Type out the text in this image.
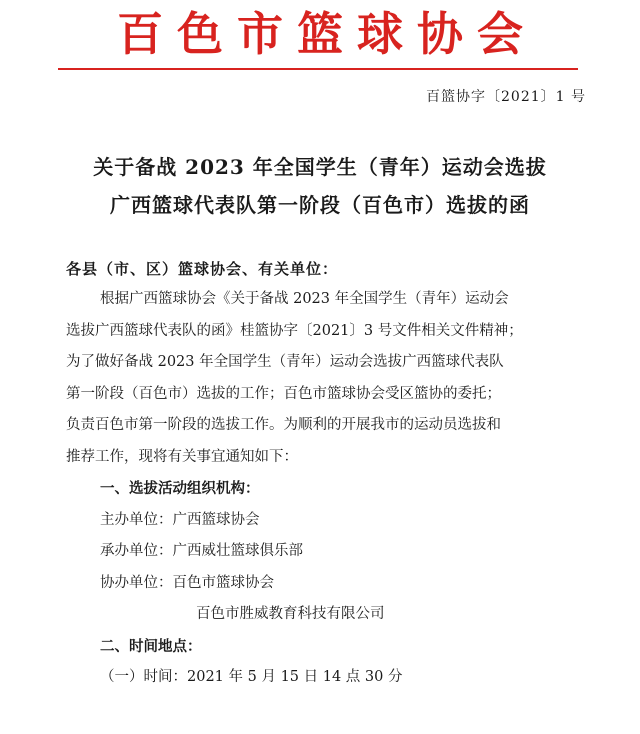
百色市篮球协会
百篮协字〔2021〕1 号
关于备战 2023 年全国学生（青年）运动会选拔
广西篮球代表队第一阶段（百色市）选拔的函
各县（市、区）篮球协会、有关单位：
根据广西篮球协会《关于备战 2023 年全国学生（青年）运动会
选拔广西篮球代表队的函》桂篮协字〔2021〕3 号文件相关文件精神；
为了做好备战 2023 年全国学生（青年）运动会选拔广西篮球代表队
第一阶段（百色市）选拔的工作；百色市篮球协会受区篮协的委托；
负责百色市第一阶段的选拔工作。为顺利的开展我市的运动员选拔和
推荐工作，现将有关事宜通知如下：
一、选拔活动组织机构：
主办单位：广西篮球协会
承办单位：广西威壮篮球俱乐部
协办单位：百色市篮球协会
百色市胜威教育科技有限公司
二、时间地点：
（一）时间：2021 年 5 月 15 日 14 点 30 分
